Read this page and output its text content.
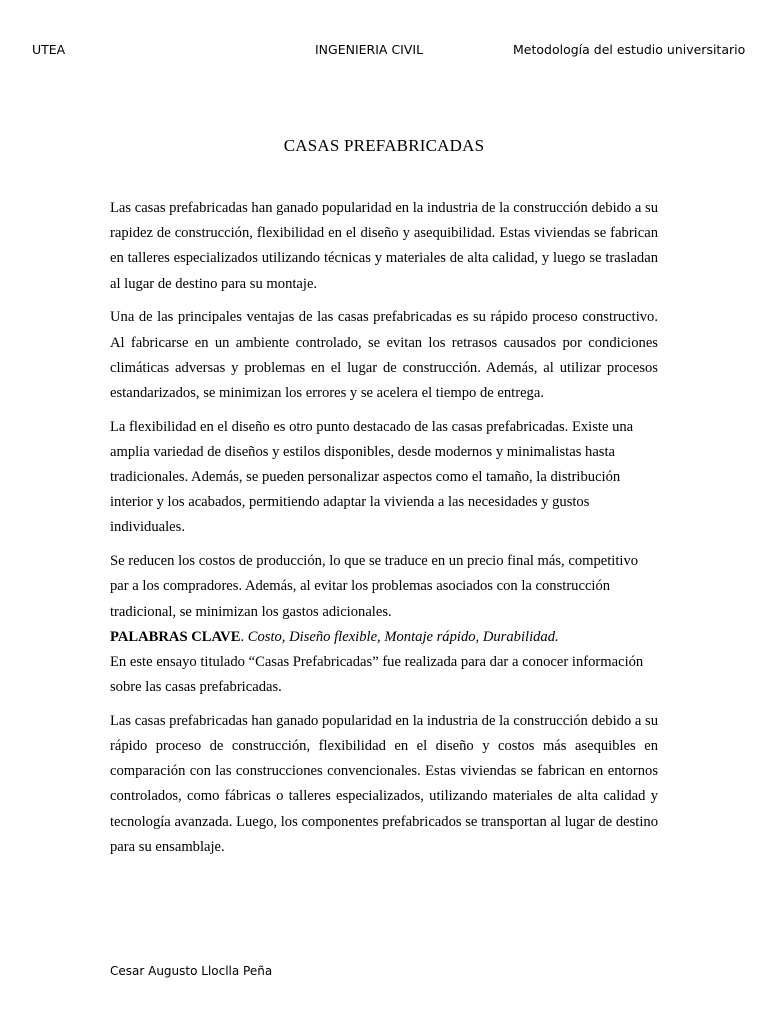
UTEA	INGENIERIA CIVIL	Metodología del estudio universitario
CASAS PREFABRICADAS

Las casas prefabricadas han ganado popularidad en la industria de la construcción debido a su rapidez de construcción, flexibilidad en el diseño y asequibilidad. Estas viviendas se fabrican en talleres especializados utilizando técnicas y materiales de alta calidad, y luego se trasladan al lugar de destino para su montaje.

Una de las principales ventajas de las casas prefabricadas es su rápido proceso constructivo. Al fabricarse en un ambiente controlado, se evitan los retrasos causados por condiciones climáticas adversas y problemas en el lugar de construcción. Además, al utilizar procesos estandarizados, se minimizan los errores y se acelera el tiempo de entrega.

La flexibilidad en el diseño es otro punto destacado de las casas prefabricadas. Existe una amplia variedad de diseños y estilos disponibles, desde modernos y minimalistas hasta tradicionales. Además, se pueden personalizar aspectos como el tamaño, la distribución interior y los acabados, permitiendo adaptar la vivienda a las necesidades y gustos individuales.

Se reducen los costos de producción, lo que se traduce en un precio final más, competitivo par a los compradores. Además, al evitar los problemas asociados con la construcción tradicional, se minimizan los gastos adicionales.

PALABRAS CLAVE. Costo, Diseño flexible, Montaje rápido, Durabilidad.

En este ensayo titulado “Casas Prefabricadas” fue realizada para dar a conocer información sobre las casas prefabricadas.

Las casas prefabricadas han ganado popularidad en la industria de la construcción debido a su rápido proceso de construcción, flexibilidad en el diseño y costos más asequibles en comparación con las construcciones convencionales. Estas viviendas se fabrican en entornos controlados, como fábricas o talleres especializados, utilizando materiales de alta calidad y tecnología avanzada. Luego, los componentes prefabricados se transportan al lugar de destino para su ensamblaje.

Cesar Augusto Lloclla Peña
